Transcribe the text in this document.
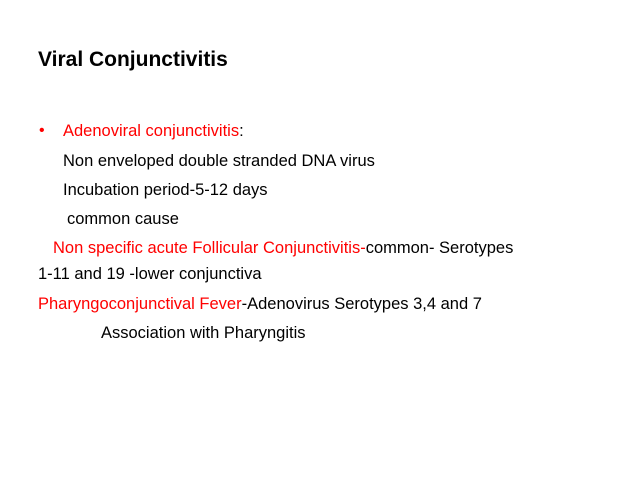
Viral Conjunctivitis
• Adenoviral conjunctivitis:
Non enveloped double stranded DNA virus
Incubation period-5-12 days
common cause
Non specific acute Follicular Conjunctivitis-common- Serotypes
1-11 and 19 -lower conjunctiva
Pharyngoconjunctival Fever-Adenovirus Serotypes 3,4 and 7
Association with Pharyngitis
